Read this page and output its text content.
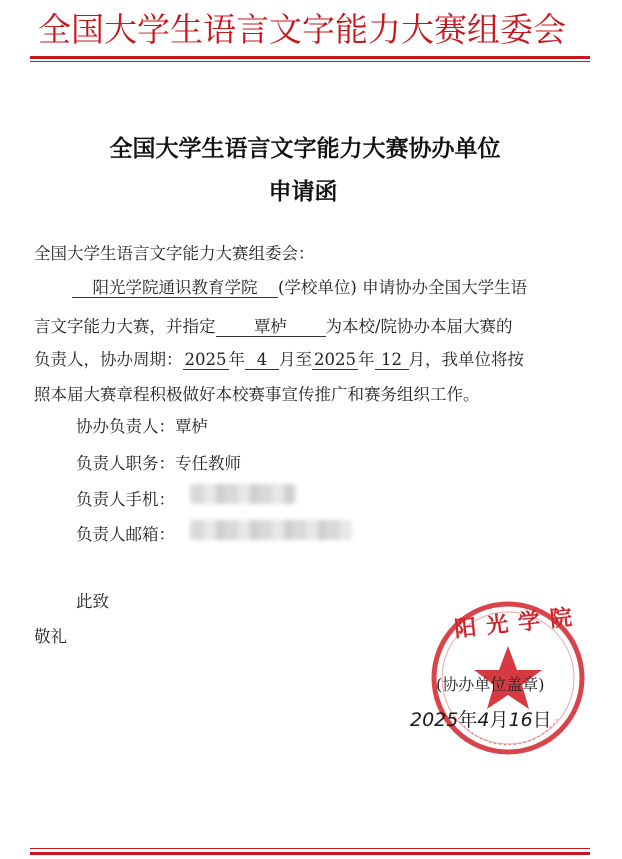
全国大学生语言文字能力大赛组委会
全国大学生语言文字能力大赛协办单位
申请函
全国大学生语言文字能力大赛组委会：
阳光学院通识教育学院 (学校单位) 申请协办全国大学生语
言文字能力大赛，并指定 覃栌 为本校/院协办本届大赛的
负责人，协办周期： 2025 年 4 月至 2025 年 12 月，我单位将按
照本届大赛章程积极做好本校赛事宣传推广和赛务组织工作。
协办负责人：覃栌
负责人职务：专任教师
负责人手机：
负责人邮箱：
此致
敬礼	阳光学院
(协办单位盖章)
2025年4月16日
